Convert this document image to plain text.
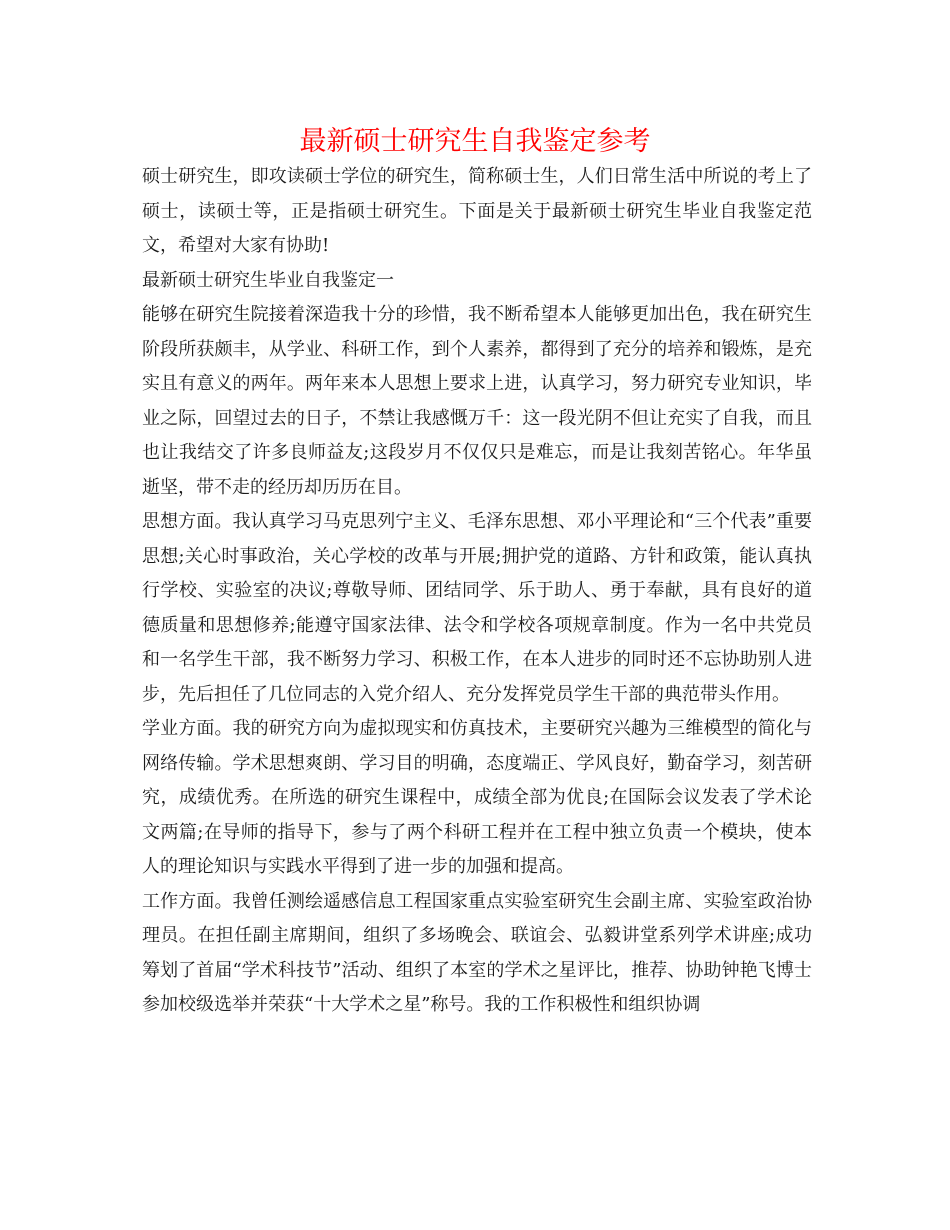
最新硕士研究生自我鉴定参考

硕士研究生，即攻读硕士学位的研究生，简称硕士生，人们日常生活中所说的考上了硕士，读硕士等，正是指硕士研究生。下面是关于最新硕士研究生毕业自我鉴定范文，希望对大家有协助!

最新硕士研究生毕业自我鉴定一

能够在研究生院接着深造我十分的珍惜，我不断希望本人能够更加出色，我在研究生阶段所获颇丰，从学业、科研工作，到个人素养，都得到了充分的培养和锻炼，是充实且有意义的两年。两年来本人思想上要求上进，认真学习，努力研究专业知识，毕业之际，回望过去的日子，不禁让我感慨万千：这一段光阴不但让充实了自我，而且也让我结交了许多良师益友;这段岁月不仅仅只是难忘，而是让我刻苦铭心。年华虽逝坚，带不走的经历却历历在目。

思想方面。我认真学习马克思列宁主义、毛泽东思想、邓小平理论和“三个代表”重要思想;关心时事政治，关心学校的改革与开展;拥护党的道路、方针和政策，能认真执行学校、实验室的决议;尊敬导师、团结同学、乐于助人、勇于奉献，具有良好的道德质量和思想修养;能遵守国家法律、法令和学校各项规章制度。作为一名中共党员和一名学生干部，我不断努力学习、积极工作，在本人进步的同时还不忘协助别人进步，先后担任了几位同志的入党介绍人、充分发挥党员学生干部的典范带头作用。

学业方面。我的研究方向为虚拟现实和仿真技术，主要研究兴趣为三维模型的简化与网络传输。学术思想爽朗、学习目的明确，态度端正、学风良好，勤奋学习，刻苦研究，成绩优秀。在所选的研究生课程中，成绩全部为优良;在国际会议发表了学术论文两篇;在导师的指导下，参与了两个科研工程并在工程中独立负责一个模块，使本人的理论知识与实践水平得到了进一步的加强和提高。

工作方面。我曾任测绘遥感信息工程国家重点实验室研究生会副主席、实验室政治协理员。在担任副主席期间，组织了多场晚会、联谊会、弘毅讲堂系列学术讲座;成功筹划了首届“学术科技节”活动、组织了本室的学术之星评比，推荐、协助钟艳飞博士参加校级选举并荣获“十大学术之星”称号。我的工作积极性和组织协调
